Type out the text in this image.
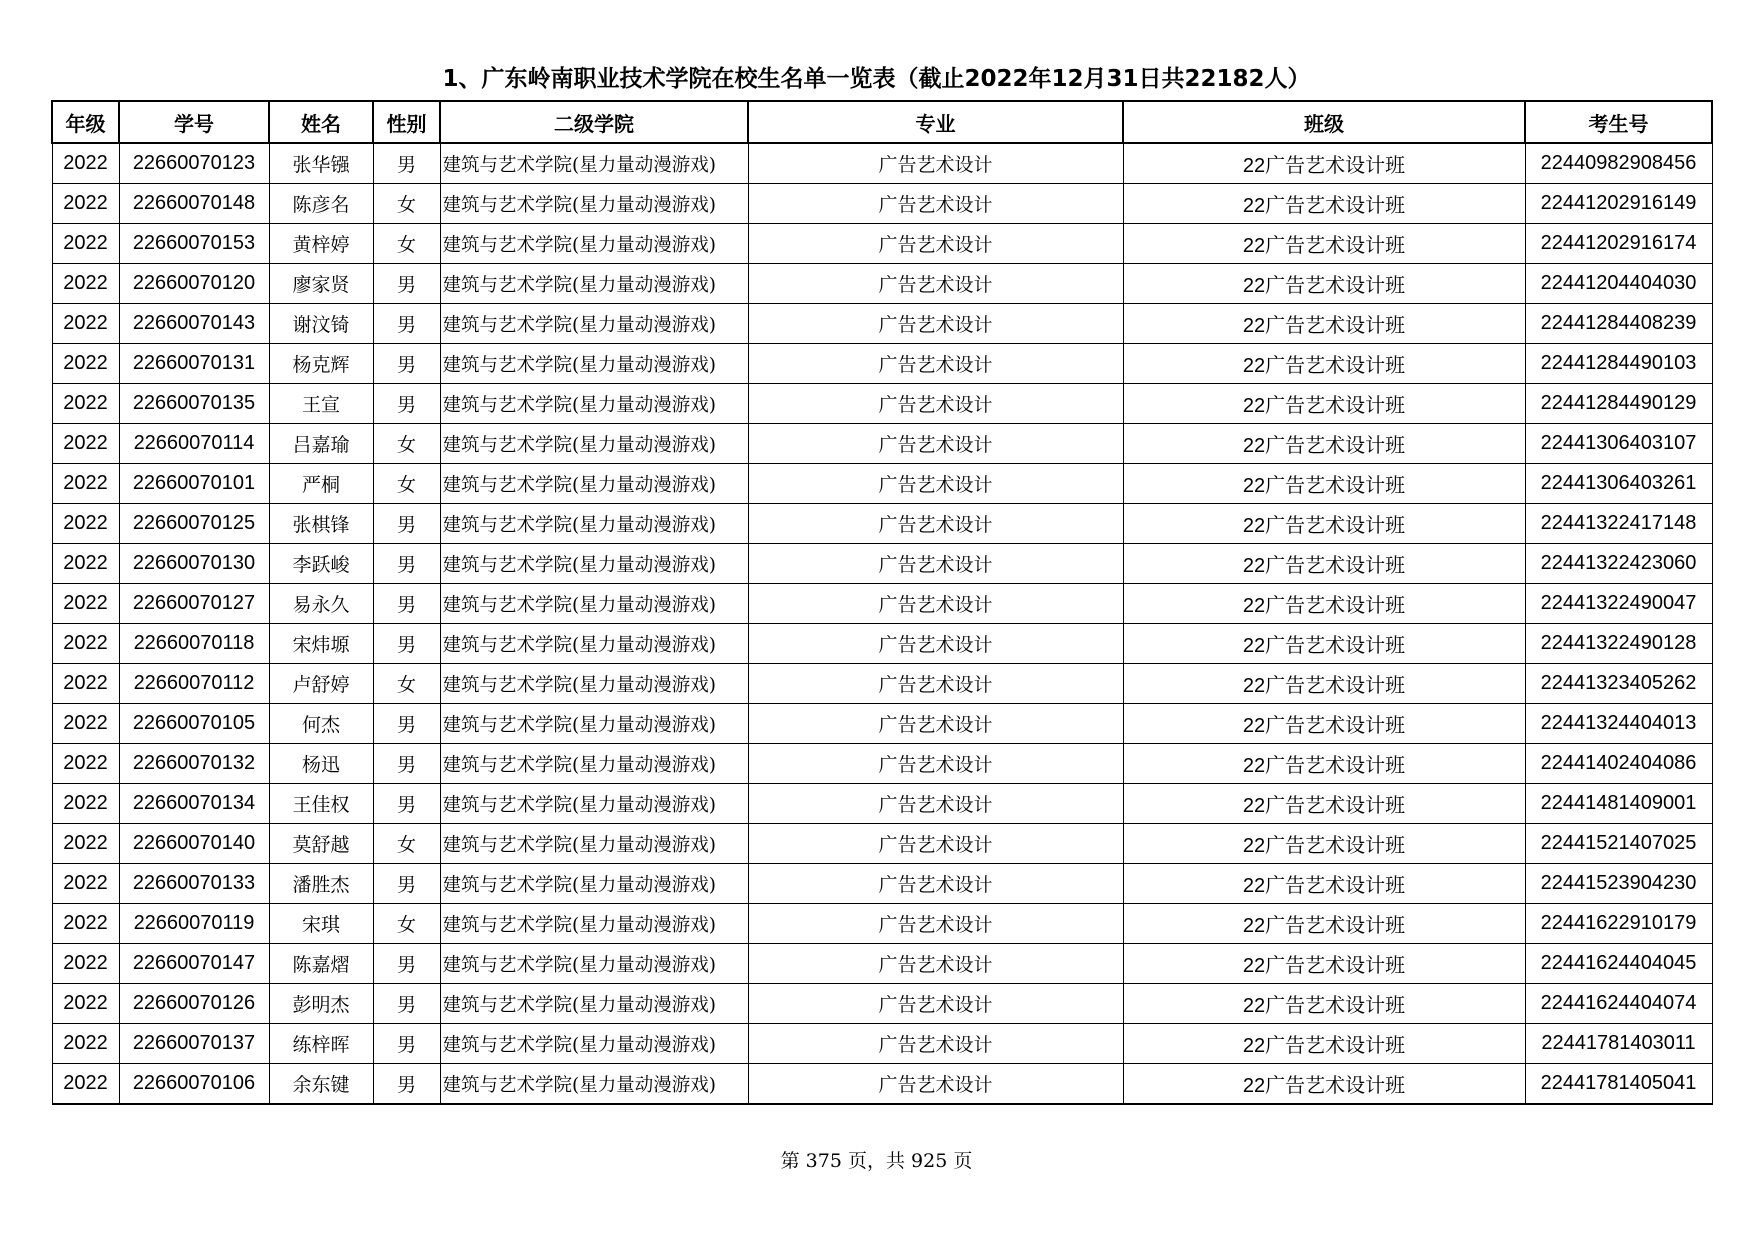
1、广东岭南职业技术学院在校生名单一览表（截止2022年12月31日共22182人）
年级	学号	姓名	性别	二级学院	专业	班级	考生号
2022	22660070123	张华镪	男	建筑与艺术学院(星力量动漫游戏)	广告艺术设计	22广告艺术设计班	22440982908456
2022	22660070148	陈彦名	女	建筑与艺术学院(星力量动漫游戏)	广告艺术设计	22广告艺术设计班	22441202916149
2022	22660070153	黄梓婷	女	建筑与艺术学院(星力量动漫游戏)	广告艺术设计	22广告艺术设计班	22441202916174
2022	22660070120	廖家贤	男	建筑与艺术学院(星力量动漫游戏)	广告艺术设计	22广告艺术设计班	22441204404030
2022	22660070143	谢汶锜	男	建筑与艺术学院(星力量动漫游戏)	广告艺术设计	22广告艺术设计班	22441284408239
2022	22660070131	杨克辉	男	建筑与艺术学院(星力量动漫游戏)	广告艺术设计	22广告艺术设计班	22441284490103
2022	22660070135	王宣	男	建筑与艺术学院(星力量动漫游戏)	广告艺术设计	22广告艺术设计班	22441284490129
2022	22660070114	吕嘉瑜	女	建筑与艺术学院(星力量动漫游戏)	广告艺术设计	22广告艺术设计班	22441306403107
2022	22660070101	严桐	女	建筑与艺术学院(星力量动漫游戏)	广告艺术设计	22广告艺术设计班	22441306403261
2022	22660070125	张棋锋	男	建筑与艺术学院(星力量动漫游戏)	广告艺术设计	22广告艺术设计班	22441322417148
2022	22660070130	李跃峻	男	建筑与艺术学院(星力量动漫游戏)	广告艺术设计	22广告艺术设计班	22441322423060
2022	22660070127	易永久	男	建筑与艺术学院(星力量动漫游戏)	广告艺术设计	22广告艺术设计班	22441322490047
2022	22660070118	宋炜塬	男	建筑与艺术学院(星力量动漫游戏)	广告艺术设计	22广告艺术设计班	22441322490128
2022	22660070112	卢舒婷	女	建筑与艺术学院(星力量动漫游戏)	广告艺术设计	22广告艺术设计班	22441323405262
2022	22660070105	何杰	男	建筑与艺术学院(星力量动漫游戏)	广告艺术设计	22广告艺术设计班	22441324404013
2022	22660070132	杨迅	男	建筑与艺术学院(星力量动漫游戏)	广告艺术设计	22广告艺术设计班	22441402404086
2022	22660070134	王佳权	男	建筑与艺术学院(星力量动漫游戏)	广告艺术设计	22广告艺术设计班	22441481409001
2022	22660070140	莫舒越	女	建筑与艺术学院(星力量动漫游戏)	广告艺术设计	22广告艺术设计班	22441521407025
2022	22660070133	潘胜杰	男	建筑与艺术学院(星力量动漫游戏)	广告艺术设计	22广告艺术设计班	22441523904230
2022	22660070119	宋琪	女	建筑与艺术学院(星力量动漫游戏)	广告艺术设计	22广告艺术设计班	22441622910179
2022	22660070147	陈嘉熠	男	建筑与艺术学院(星力量动漫游戏)	广告艺术设计	22广告艺术设计班	22441624404045
2022	22660070126	彭明杰	男	建筑与艺术学院(星力量动漫游戏)	广告艺术设计	22广告艺术设计班	22441624404074
2022	22660070137	练梓晖	男	建筑与艺术学院(星力量动漫游戏)	广告艺术设计	22广告艺术设计班	22441781403011
2022	22660070106	余东键	男	建筑与艺术学院(星力量动漫游戏)	广告艺术设计	22广告艺术设计班	22441781405041
第 375 页，共 925 页
